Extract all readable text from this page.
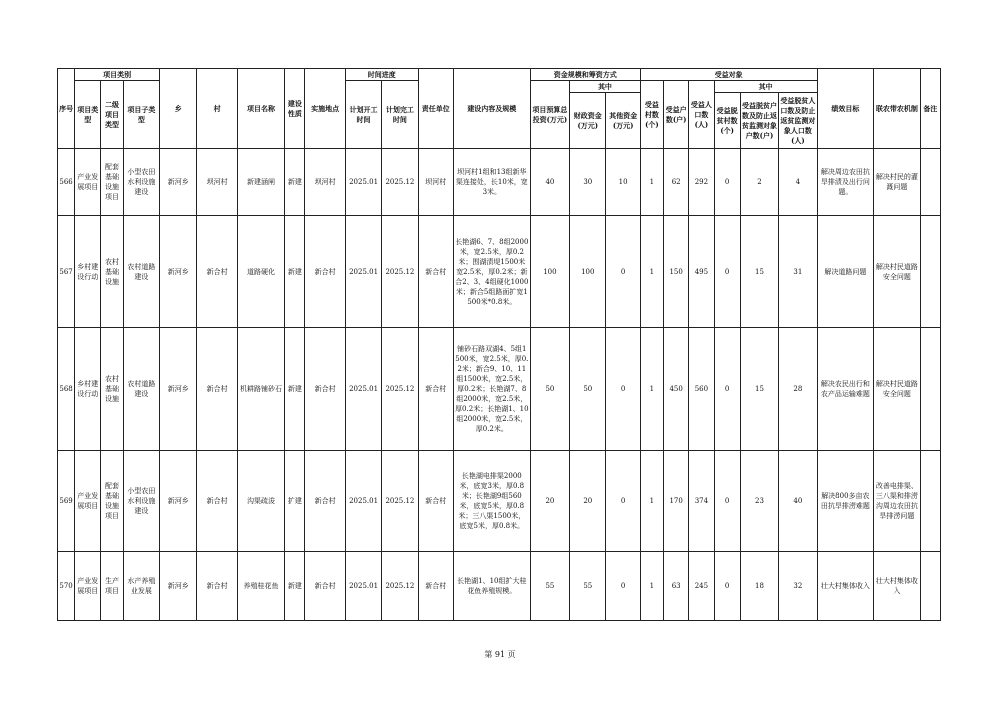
序号	项目类别			乡	村	项目名称	建设性质	实施地点	时间进度		责任单位	建设内容及规模	资金规模和筹资方式			受益对象						绩效目标	联农带农机制	备注
	项目类型	二级项目类型	项目子类型						计划开工时间	计划完工时间			项目预算总投资(万元)	其中		受益村数(个)	受益户数(户)	受益人口数(人)	其中					
														财政资金(万元)	其他资金(万元)				受益脱贫村数(个)	受益脱贫户数及防止返贫监测对象户数(户)	受益脱贫人口数及防止返贫监测对象人口数(人)			
566	产业发展项目	配套基础设施项目	小型农田水利设施建设	新河乡	坝河村	新建涵闸	新建	坝河村	2025.01	2025.12	坝河村	坝河村1组和13组新华渠连接处，长10米，宽3米。	40	30	10	1	62	292	0	2	4	解决周边农田抗旱排渍及出行问题。	解决村民的灌溉问题	
567	乡村建设行动	农村基础设施	农村道路建设	新河乡	新合村	道路硬化	新建	新合村	2025.01	2025.12	新合村	长艳湖6、7、8组2000米，宽2.5米，厚0.2米；围湖渍堤1500米宽2.5米，厚0.2米；新合2、3、4组硬化1000米；新合5组路面扩宽1500米*0.8米。	100	100	0	1	150	495	0	15	31	解决道路问题	解决村民道路安全问题	
568	乡村建设行动	农村基础设施	农村道路建设	新河乡	新合村	机耕路铺砂石	新建	新合村	2025.01	2025.12	新合村	铺砂石路双湖4、5组1500米，宽2.5米，厚0.2米；新合9、10、11组1500米，宽2.5米，厚0.2米；长艳湖7、8组2000米，宽2.5米，厚0.2米；长艳湖1、10组2000米，宽2.5米，厚0.2米。	50	50	0	1	450	560	0	15	28	解决农民出行和农产品运输难题	解决村民道路安全问题	
569	产业发展项目	配套基础设施项目	小型农田水利设施建设	新河乡	新合村	沟渠疏浚	扩建	新合村	2025.01	2025.12	新合村	长艳湖电排渠2000米，底宽3米，厚0.8米；长艳湖9组560米，底宽5米，厚0.8米；三八渠1500米，底宽5米，厚0.8米。	20	20	0	1	170	374	0	23	40	解决800多亩农田抗旱排涝难题	改善电排渠、三八渠和排涝沟周边农田抗旱排涝问题	
570	产业发展项目	生产项目	水产养殖业发展	新河乡	新合村	养殖桂花鱼	新建	新合村	2025.01	2025.12	新合村	长艳湖1、10组扩大桂花鱼养殖规模。	55	55	0	1	63	245	0	18	32	壮大村集体收入	壮大村集体收入	
第 91 页
